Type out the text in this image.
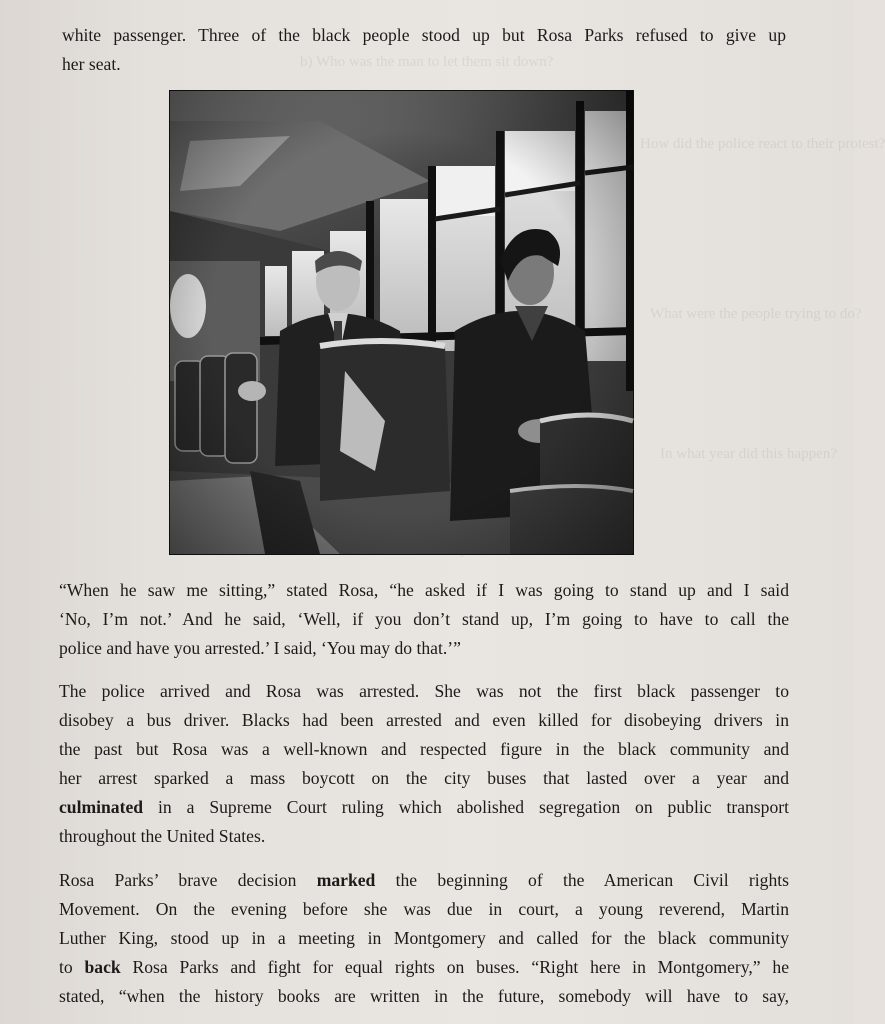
b) Who was the man to let them sit down?
How did the police react to their protest?
What were the people trying to do?
In what year did this happen?

white passenger. Three of the black people stood up but Rosa Parks refused to give up
her seat.

“When he saw me sitting,” stated Rosa, “he asked if I was going to stand up and I said
‘No, I’m not.’ And he said, ‘Well, if you don’t stand up, I’m going to have to call the
police and have you arrested.’ I said, ‘You may do that.’”

The police arrived and Rosa was arrested. She was not the first black passenger to
disobey a bus driver. Blacks had been arrested and even killed for disobeying drivers in
the past but Rosa was a well-known and respected figure in the black community and
her arrest sparked a mass boycott on the city buses that lasted over a year and
culminated in a Supreme Court ruling which abolished segregation on public transport
throughout the United States.

Rosa Parks’ brave decision marked the beginning of the American Civil rights
Movement. On the evening before she was due in court, a young reverend, Martin
Luther King, stood up in a meeting in Montgomery and called for the black community
to back Rosa Parks and fight for equal rights on buses. “Right here in Montgomery,” he
stated, “when the history books are written in the future, somebody will have to say,
